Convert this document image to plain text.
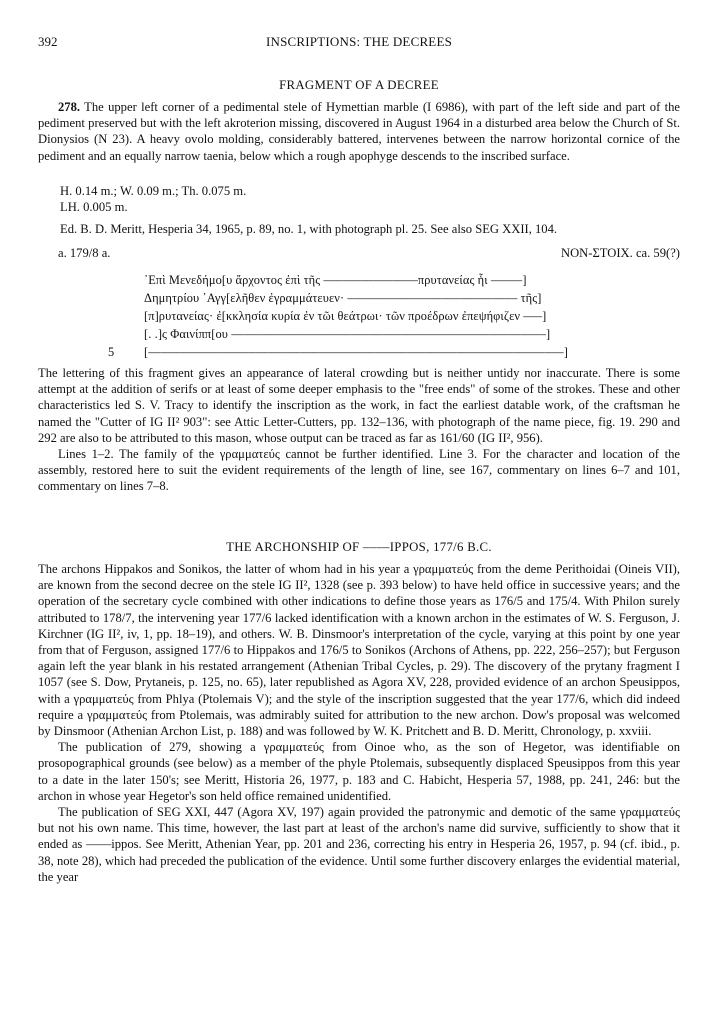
392	INSCRIPTIONS: THE DECREES
FRAGMENT OF A DECREE

278. The upper left corner of a pedimental stele of Hymettian marble (I 6986), with part of the left side and part of the pediment preserved but with the left akroterion missing, discovered in August 1964 in a disturbed area below the Church of St. Dionysios (N 23). A heavy ovolo molding, considerably battered, intervenes between the narrow horizontal cornice of the pediment and an equally narrow taenia, below which a rough apophyge descends to the inscribed surface.

H. 0.14 m.; W. 0.09 m.; Th. 0.075 m.
LH. 0.005 m.
Ed. B. D. Meritt, Hesperia 34, 1965, p. 89, no. 1, with photograph pl. 25. See also SEG XXII, 104.
a. 179/8 a.	NON-ΣΤΟΙΧ. ca. 59(?)
᾿Επὶ Μενεδήμο[υ ἄρχοντος ἐπὶ τῆς –––––––––––––––πρυτανείας ἧι –––––]
Δημητρίου ᾿Αγγ[ελῆθεν ἐγραμμάτευεν· ––––––––––––––––––––––––––– τῆς]
[π]ρυτανείας· ἐ[κκλησία κυρία ἐν τῶι θεάτρωι· τῶν προέδρων ἐπεψήφιζεν –––]
[. .]ς Φαινίππ[ου ––––––––––––––––––––––––––––––––––––––––––––––––––]
5 [––––––––––––––––––––––––––––––––––––––––––––––––––––––––––––––––––]

The lettering of this fragment gives an appearance of lateral crowding but is neither untidy nor inaccurate. There is some attempt at the addition of serifs or at least of some deeper emphasis to the "free ends" of some of the strokes. These and other characteristics led S. V. Tracy to identify the inscription as the work, in fact the earliest datable work, of the craftsman he named the "Cutter of IG II² 903": see Attic Letter-Cutters, pp. 132–136, with photograph of the name piece, fig. 19. 290 and 292 are also to be attributed to this mason, whose output can be traced as far as 161/60 (IG II², 956).

Lines 1–2. The family of the γραμματεύς cannot be further identified. Line 3. For the character and location of the assembly, restored here to suit the evident requirements of the length of line, see 167, commentary on lines 6–7 and 101, commentary on lines 7–8.

THE ARCHONSHIP OF ––––IPPOS, 177/6 B.C.

The archons Hippakos and Sonikos, the latter of whom had in his year a γραμματεύς from the deme Perithoidai (Oineis VII), are known from the second decree on the stele IG II², 1328 (see p. 393 below) to have held office in successive years; and the operation of the secretary cycle combined with other indications to define those years as 176/5 and 175/4. With Philon surely attributed to 178/7, the intervening year 177/6 lacked identification with a known archon in the estimates of W. S. Ferguson, J. Kirchner (IG II², iv, 1, pp. 18–19), and others. W. B. Dinsmoor's interpretation of the cycle, varying at this point by one year from that of Ferguson, assigned 177/6 to Hippakos and 176/5 to Sonikos (Archons of Athens, pp. 222, 256–257); but Ferguson again left the year blank in his restated arrangement (Athenian Tribal Cycles, p. 29). The discovery of the prytany fragment I 1057 (see S. Dow, Prytaneis, p. 125, no. 65), later republished as Agora XV, 228, provided evidence of an archon Speusippos, with a γραμματεύς from Phlya (Ptolemais V); and the style of the inscription suggested that the year 177/6, which did indeed require a γραμματεύς from Ptolemais, was admirably suited for attribution to the new archon. Dow's proposal was welcomed by Dinsmoor (Athenian Archon List, p. 188) and was followed by W. K. Pritchett and B. D. Meritt, Chronology, p. xxviii.

The publication of 279, showing a γραμματεύς from Oinoe who, as the son of Hegetor, was identifiable on prosopographical grounds (see below) as a member of the phyle Ptolemais, subsequently displaced Speusippos from this year to a date in the later 150's; see Meritt, Historia 26, 1977, p. 183 and C. Habicht, Hesperia 57, 1988, pp. 241, 246: but the archon in whose year Hegetor's son held office remained unidentified.

The publication of SEG XXI, 447 (Agora XV, 197) again provided the patronymic and demotic of the same γραμματεύς but not his own name. This time, however, the last part at least of the archon's name did survive, sufficiently to show that it ended as ––––ippos. See Meritt, Athenian Year, pp. 201 and 236, correcting his entry in Hesperia 26, 1957, p. 94 (cf. ibid., p. 38, note 28), which had preceded the publication of the evidence. Until some further discovery enlarges the evidential material, the year
